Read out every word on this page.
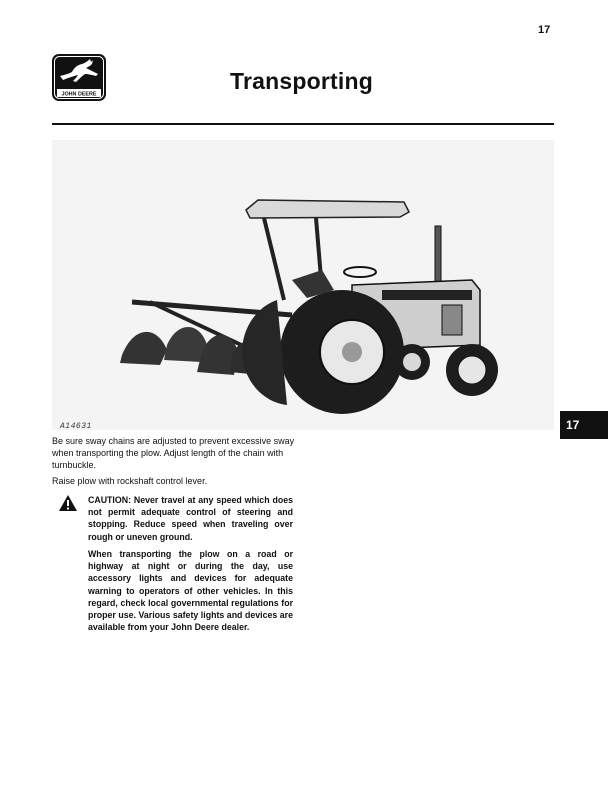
17
JOHN DEERE
Transporting
A14631	17

Be sure sway chains are adjusted to prevent excessive sway when transporting the plow. Adjust length of the chain with turnbuckle.

Raise plow with rockshaft control lever.

CAUTION: Never travel at any speed which does not permit adequate control of steering and stopping. Reduce speed when traveling over rough or uneven ground.

When transporting the plow on a road or highway at night or during the day, use accessory lights and devices for adequate warning to operators of other vehicles. In this regard, check local governmental regulations for proper use. Various safety lights and devices are available from your John Deere dealer.
